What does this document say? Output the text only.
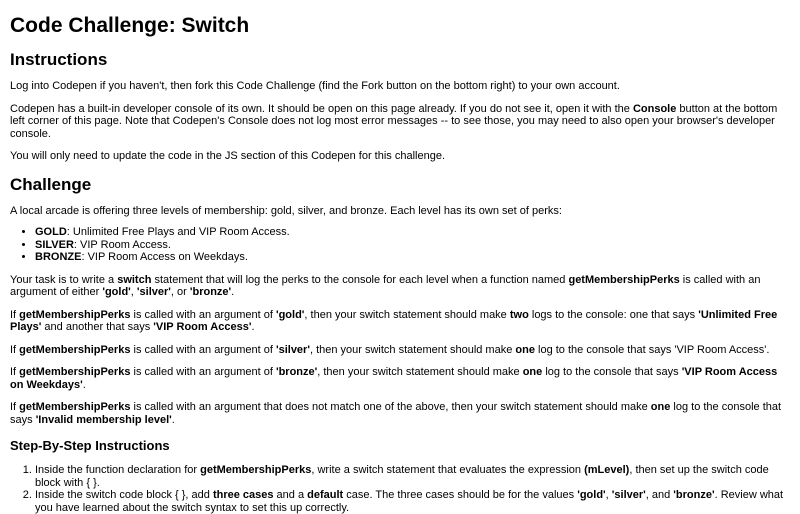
Code Challenge: Switch
Instructions

Log into Codepen if you haven't, then fork this Code Challenge (find the Fork button on the bottom right) to your own account.

Codepen has a built-in developer console of its own. It should be open on this page already. If you do not see it, open it with the Console button at the bottom left corner of this page. Note that Codepen's Console does not log most error messages -- to see those, you may need to also open your browser's developer console.

You will only need to update the code in the JS section of this Codepen for this challenge.

Challenge

A local arcade is offering three levels of membership: gold, silver, and bronze. Each level has its own set of perks:

• GOLD: Unlimited Free Plays and VIP Room Access.
• SILVER: VIP Room Access.
• BRONZE: VIP Room Access on Weekdays.

Your task is to write a switch statement that will log the perks to the console for each level when a function named getMembershipPerks is called with an argument of either 'gold', 'silver', or 'bronze'.

If getMembershipPerks is called with an argument of 'gold', then your switch statement should make two logs to the console: one that says 'Unlimited Free Plays' and another that says 'VIP Room Access'.

If getMembershipPerks is called with an argument of 'silver', then your switch statement should make one log to the console that says 'VIP Room Access'.

If getMembershipPerks is called with an argument of 'bronze', then your switch statement should make one log to the console that says 'VIP Room Access on Weekdays'.

If getMembershipPerks is called with an argument that does not match one of the above, then your switch statement should make one log to the console that says 'Invalid membership level'.

Step-By-Step Instructions
1. Inside the function declaration for getMembershipPerks, write a switch statement that evaluates the expression (mLevel), then set up the switch code block with { }.
2. Inside the switch code block { }, add three cases and a default case. The three cases should be for the values 'gold', 'silver', and 'bronze'. Review what you have learned about the switch syntax to set this up correctly.
